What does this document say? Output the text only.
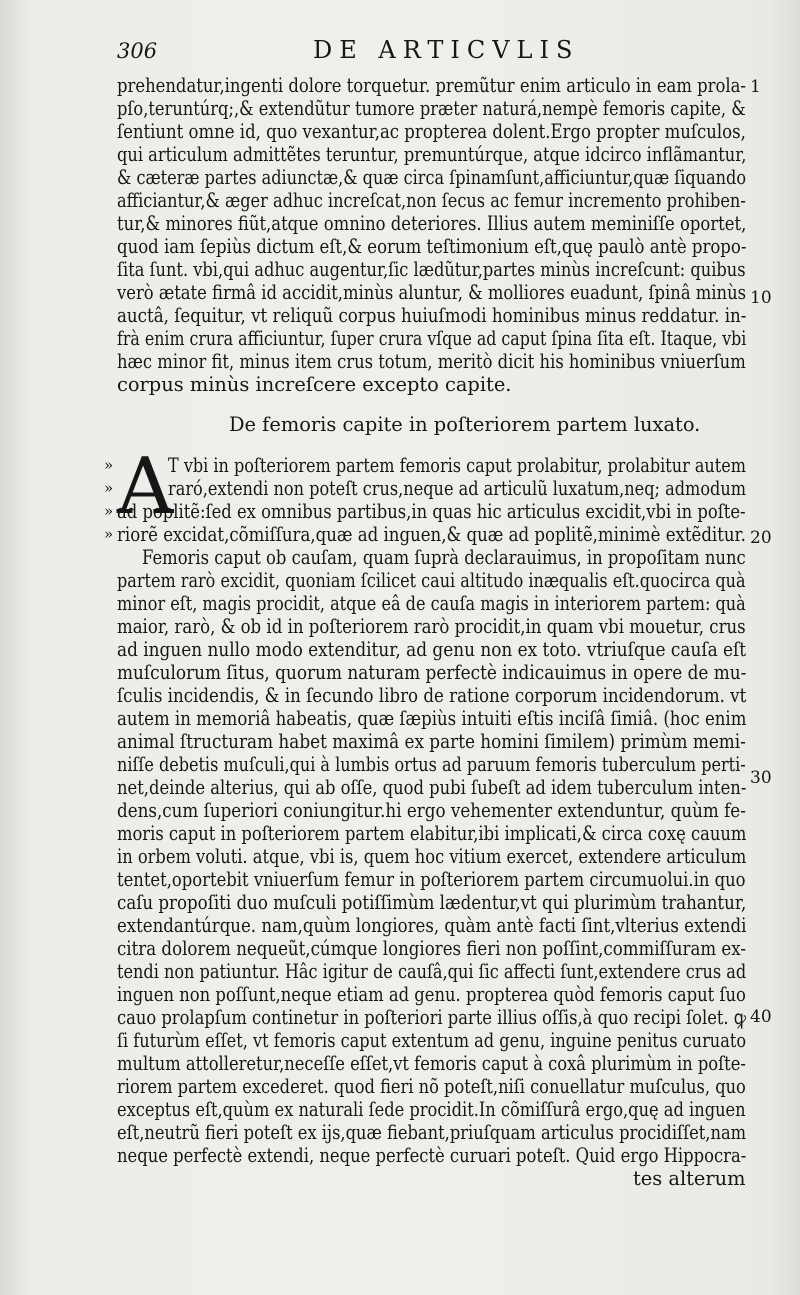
306	DE ARTICVLIS
prehendatur,ingenti dolore torquetur. premũtur enim articulo in eam prola-
pſo,teruntúrq;,& extendũtur tumore præter naturá,nempè femoris capite, &
ſentiunt omne id, quo vexantur,ac propterea dolent.Ergo propter muſculos,
qui articulum admittẽtes teruntur, premuntúrque, atque idcirco inflãmantur,
& cæteræ partes adiunctæ,& quæ circa ſpinamſunt,afficiuntur,quæ ſiquando
afficiantur,& æger adhuc increſcat,non ſecus ac femur incremento prohiben-
tur,& minores fiũt,atque omnino deteriores. Illius autem meminiſſe oportet,
quod iam ſepiùs dictum eſt,& eorum teſtimonium eſt,quę paulò antè propo-
ſita ſunt. vbi,qui adhuc augentur,ſic lædũtur,partes minùs increſcunt: quibus
verò ætate firmâ id accidit,minùs aluntur, & molliores euadunt, ſpinâ minùs
auctâ, ſequitur, vt reliquũ corpus huiuſmodi hominibus minus reddatur. in-
frà enim crura afficiuntur, ſuper crura vſque ad caput ſpina ſita eſt. Itaque, vbi
hæc minor fit, minus item crus totum, meritò dicit his hominibus vniuerſum
corpus minùs increſcere excepto capite.
De femoris capite in poſteriorem partem luxato.
A
»
»
»
»
T vbi in poſteriorem partem femoris caput prolabitur, prolabitur autem
raró,extendi non poteſt crus,neque ad articulũ luxatum,neq; admodum
ad poplitẽ:ſed ex omnibus partibus,in quas hic articulus excidit,vbi in poſte-
riorẽ excidat,cõmiſſura,quæ ad inguen,& quæ ad poplitẽ,minimè extẽditur.
Femoris caput ob cauſam, quam ſuprà declarauimus, in propoſitam nunc
partem rarò excidit, quoniam ſcilicet caui altitudo inæqualis eſt.quocirca quà
minor eſt, magis procidit, atque eâ de cauſa magis in interiorem partem: quà
maior, rarò, & ob id in poſteriorem rarò procidit,in quam vbi mouetur, crus
ad inguen nullo modo extenditur, ad genu non ex toto. vtriuſque cauſa eſt
muſculorum ſitus, quorum naturam perfectè indicauimus in opere de mu-
ſculis incidendis, & in ſecundo libro de ratione corporum incidendorum. vt
autem in memoriâ habeatis, quæ ſæpiùs intuiti eſtis inciſâ ſimiâ. (hoc enim
animal ſtructuram habet maximâ ex parte homini ſimilem) primùm memi-
niſſe debetis muſculi,qui à lumbis ortus ad paruum femoris tuberculum perti-
net,deinde alterius, qui ab oſſe, quod pubi ſubeſt ad idem tuberculum inten-
dens,cum ſuperiori coniungitur.hi ergo vehementer extenduntur, quùm fe-
moris caput in poſteriorem partem elabitur,ibi implicati,& circa coxę cauum
in orbem voluti. atque, vbi is, quem hoc vitium exercet, extendere articulum
tentet,oportebit vniuerſum femur in poſteriorem partem circumuolui.in quo
caſu propoſiti duo muſculi potiſſimùm lædentur,vt qui plurimùm trahantur,
extendantúrque. nam,quùm longiores, quàm antè facti ſint,vlterius extendi
citra dolorem nequeũt,cúmque longiores fieri non poſſint,commiſſuram ex-
tendi non patiuntur. Hâc igitur de cauſâ,qui ſic affecti ſunt,extendere crus ad
inguen non poſſunt,neque etiam ad genu. propterea quòd femoris caput ſuo
cauo prolapſum continetur in poſteriori parte illius oſſis,à quo recipi ſolet. ꝙ
ſi futurùm eſſet, vt femoris caput extentum ad genu, inguine penitus curuato
multum attolleretur,neceſſe eſſet,vt femoris caput à coxâ plurimùm in poſte-
riorem partem excederet. quod fieri nõ poteſt,niſi conuellatur muſculus, quo
exceptus eſt,quùm ex naturali ſede procidit.In cõmiſſurâ ergo,quę ad inguen
eſt,neutrũ fieri poteſt ex ijs,quæ fiebant,priuſquam articulus procidiſſet,nam
neque perfectè extendi, neque perfectè curuari poteſt. Quid ergo Hippocra-
tes alterum
1
10
20
30
40
